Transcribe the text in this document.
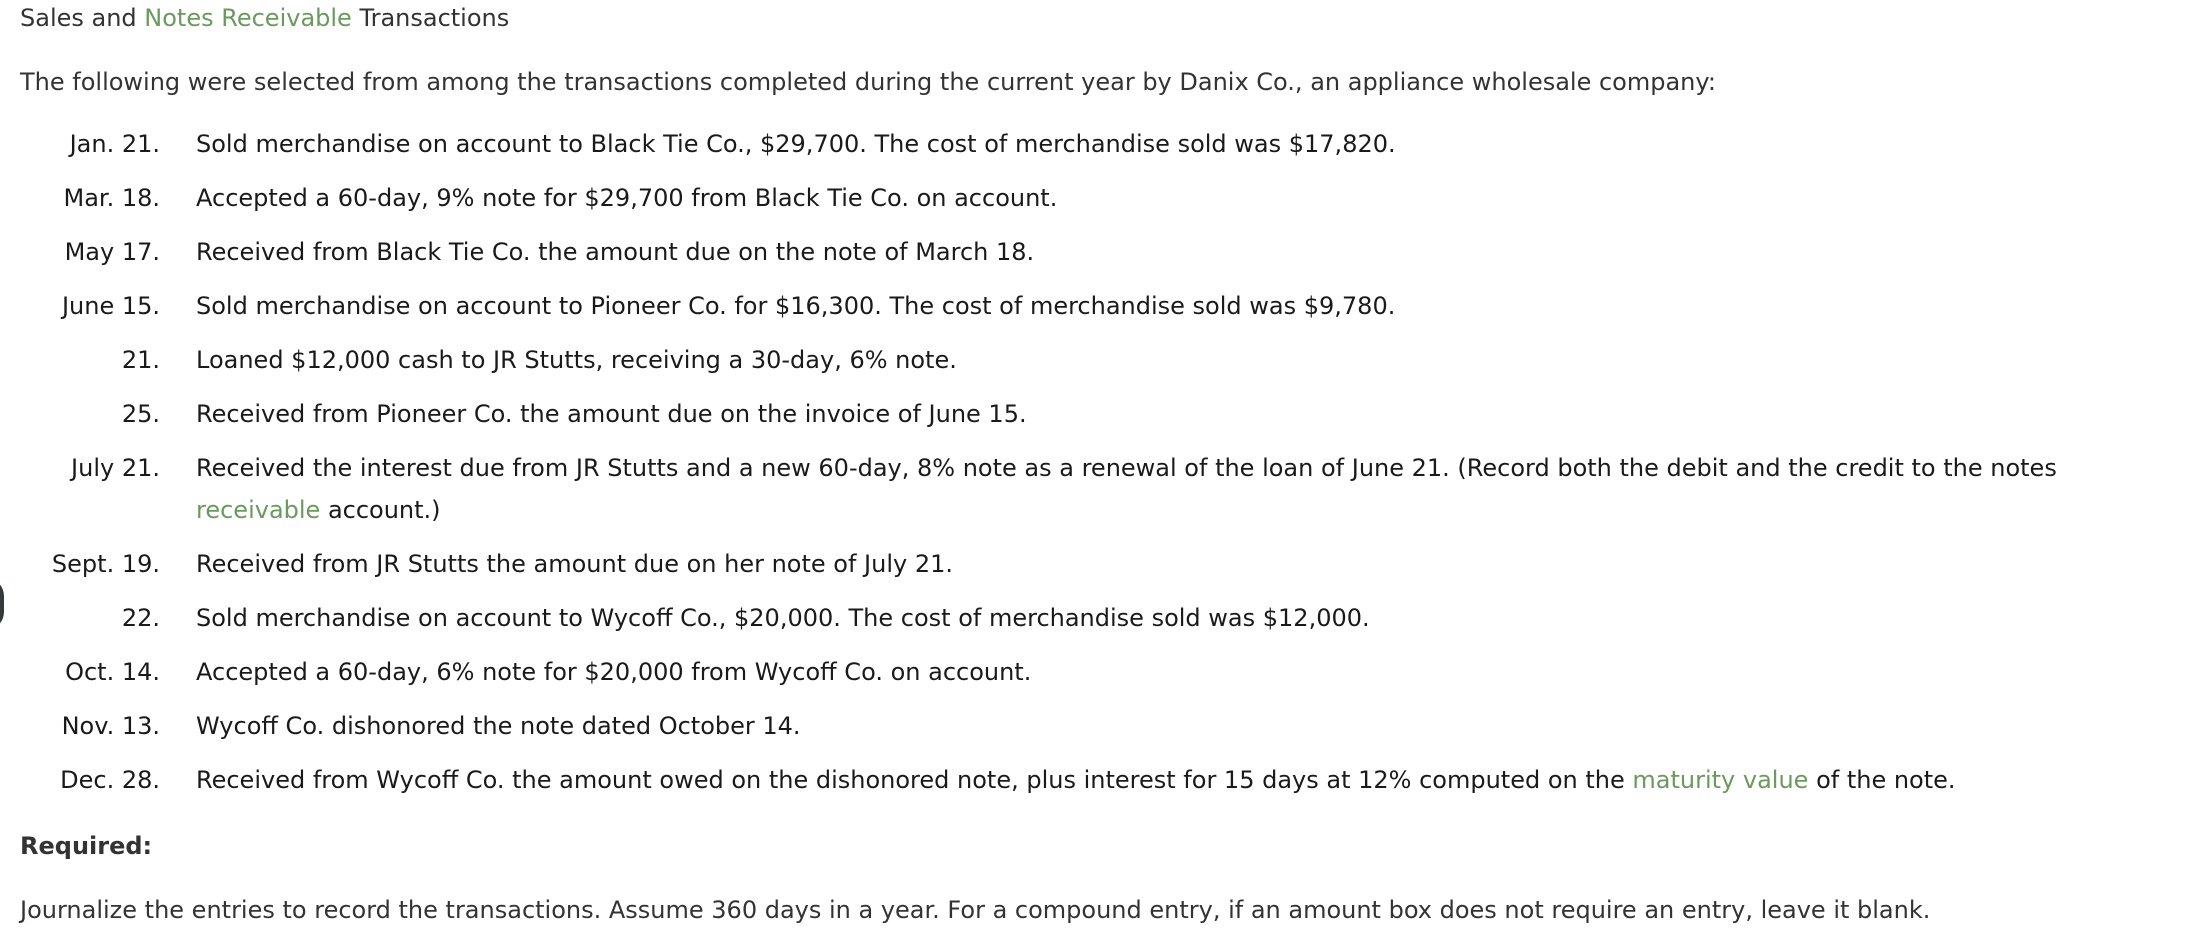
Sales and Notes Receivable Transactions
The following were selected from among the transactions completed during the current year by Danix Co., an appliance wholesale company:
Jan. 21. Sold merchandise on account to Black Tie Co., $29,700. The cost of merchandise sold was $17,820.
Mar. 18. Accepted a 60-day, 9% note for $29,700 from Black Tie Co. on account.
May 17. Received from Black Tie Co. the amount due on the note of March 18.
June 15. Sold merchandise on account to Pioneer Co. for $16,300. The cost of merchandise sold was $9,780.
21. Loaned $12,000 cash to JR Stutts, receiving a 30-day, 6% note.
25. Received from Pioneer Co. the amount due on the invoice of June 15.
July 21. Received the interest due from JR Stutts and a new 60-day, 8% note as a renewal of the loan of June 21. (Record both the debit and the credit to the notes receivable account.)
Sept. 19. Received from JR Stutts the amount due on her note of July 21.
22. Sold merchandise on account to Wycoff Co., $20,000. The cost of merchandise sold was $12,000.
Oct. 14. Accepted a 60-day, 6% note for $20,000 from Wycoff Co. on account.
Nov. 13. Wycoff Co. dishonored the note dated October 14.
Dec. 28. Received from Wycoff Co. the amount owed on the dishonored note, plus interest for 15 days at 12% computed on the maturity value of the note.
Required:
Journalize the entries to record the transactions. Assume 360 days in a year. For a compound entry, if an amount box does not require an entry, leave it blank.
